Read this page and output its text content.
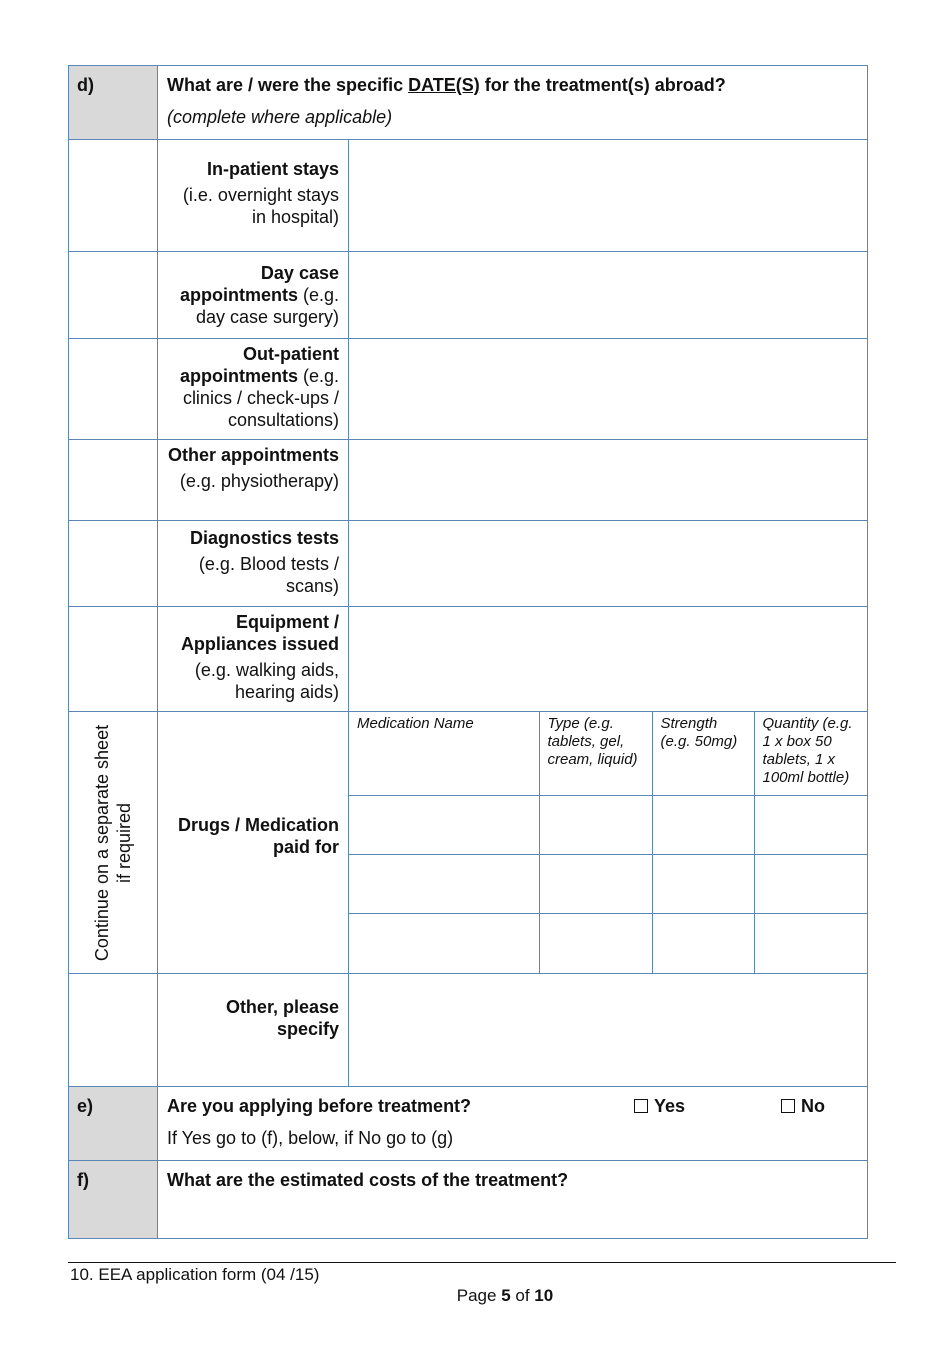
d)	What are / were the specific DATE(S) for the treatment(s) abroad?
(complete where applicable)

	In-patient stays
(i.e. overnight stays in hospital)

	Day case appointments (e.g. day case surgery)	
	Out-patient appointments (e.g. clinics / check-ups / consultations)	
	Other appointments
(e.g. physiotherapy)

	Diagnostics tests
(e.g. Blood tests / scans)

	Equipment / Appliances issued
(e.g. walking aids, hearing aids)

Continue on a separate sheet if required	Drugs / Medication paid for	
Medication Name	Type (e.g. tablets, gel, cream, liquid)	Strength (e.g. 50mg)	Quantity (e.g. 1 x box 50 tablets, 1 x 100ml bottle)

	Other, please specify	
e)	Are you applying before treatment?
If Yes go to (f), below, if No go to (g)
Yes	No

f)	What are the estimated costs of the treatment?
10. EEA application form (04 /15)
Page 5 of 10
